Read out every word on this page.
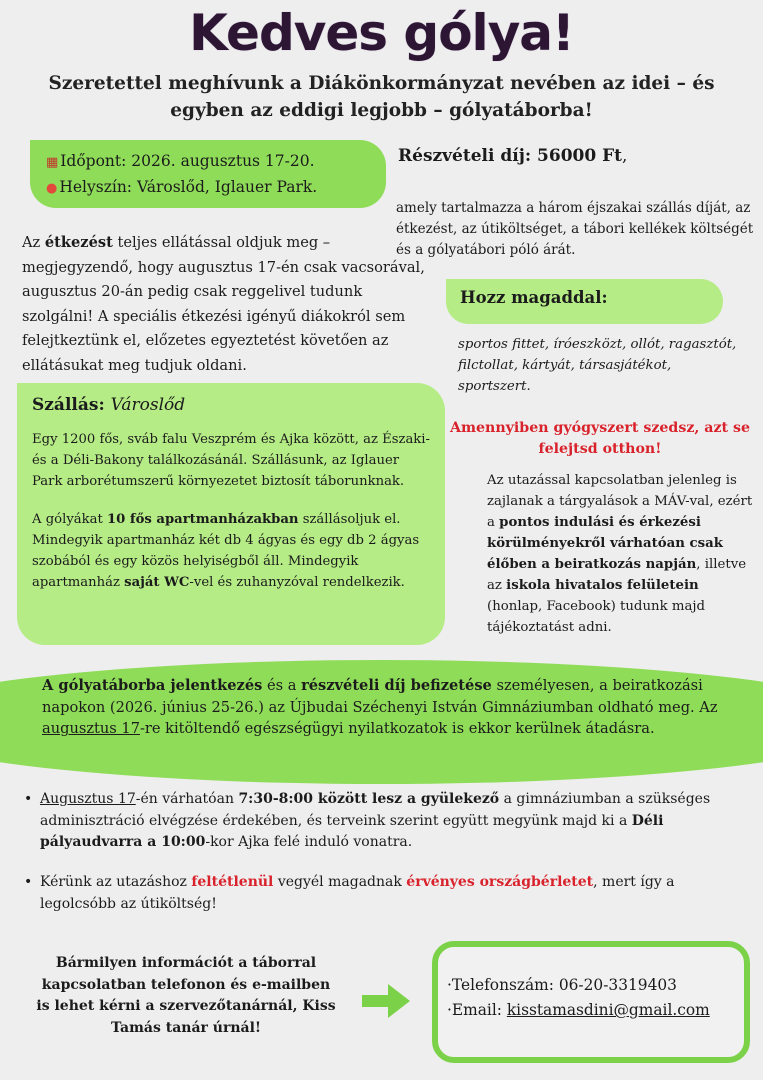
Kedves gólya!
Szeretettel meghívunk a Diákönkormányzat nevében az idei – és egyben az eddigi legjobb – gólyatáborba!
▦ Időpont: 2026. augusztus 17-20.
● Helyszín: Városlőd, Iglauer Park.
Részvételi díj: 56000 Ft,
amely tartalmazza a három éjszakai szállás díját, az étkezést, az útiköltséget, a tábori kellékek költségét és a gólyatábori póló árát.
Az étkezést teljes ellátással oldjuk meg – megjegyzendő, hogy augusztus 17-én csak vacsorával, augusztus 20-án pedig csak reggelivel tudunk szolgálni! A speciális étkezési igényű diákokról sem felejtkeztünk el, előzetes egyeztetést követően az ellátásukat meg tudjuk oldani.
Hozz magaddal:
sportos fittet, íróeszközt, ollót, ragasztót, filctollat, kártyát, társasjátékot, sportszert.
Amennyiben gyógyszert szedsz, azt se felejtsd otthon!
Szállás: Városlőd

Egy 1200 fős, sváb falu Veszprém és Ajka között, az Északi- és a Déli-Bakony találkozásánál. Szállásunk, az Iglauer Park arborétumszerű környezetet biztosít táborunknak.

A gólyákat 10 fős apartmanházakban szállásoljuk el. Mindegyik apartmanház két db 4 ágyas és egy db 2 ágyas szobából és egy közös helyiségből áll. Mindegyik apartmanház saját WC-vel és zuhanyzóval rendelkezik.

Az utazással kapcsolatban jelenleg is zajlanak a tárgyalások a MÁV-val, ezért a pontos indulási és érkezési körülményekről várhatóan csak élőben a beiratkozás napján, illetve az iskola hivatalos felületein (honlap, Facebook) tudunk majd tájékoztatást adni.
A gólyatáborba jelentkezés és a részvételi díj befizetése személyesen, a beiratkozási napokon (2026. június 25-26.) az Újbudai Széchenyi István Gimnáziumban oldható meg. Az augusztus 17-re kitöltendő egészségügyi nyilatkozatok is ekkor kerülnek átadásra.
• Augusztus 17-én várhatóan 7:30-8:00 között lesz a gyülekező a gimnáziumban a szükséges adminisztráció elvégzése érdekében, és terveink szerint együtt megyünk majd ki a Déli pályaudvarra a 10:00-kor Ajka felé induló vonatra.
• Kérünk az utazáshoz feltétlenül vegyél magadnak érvényes országbérletet, mert így a legolcsóbb az útiköltség!
Bármilyen információt a táborral kapcsolatban telefonon és e-mailben is lehet kérni a szervezőtanárnál, Kiss Tamás tanár úrnál!
·Telefonszám: 06-20-3319403
·Email: kisstamasdini@gmail.com
